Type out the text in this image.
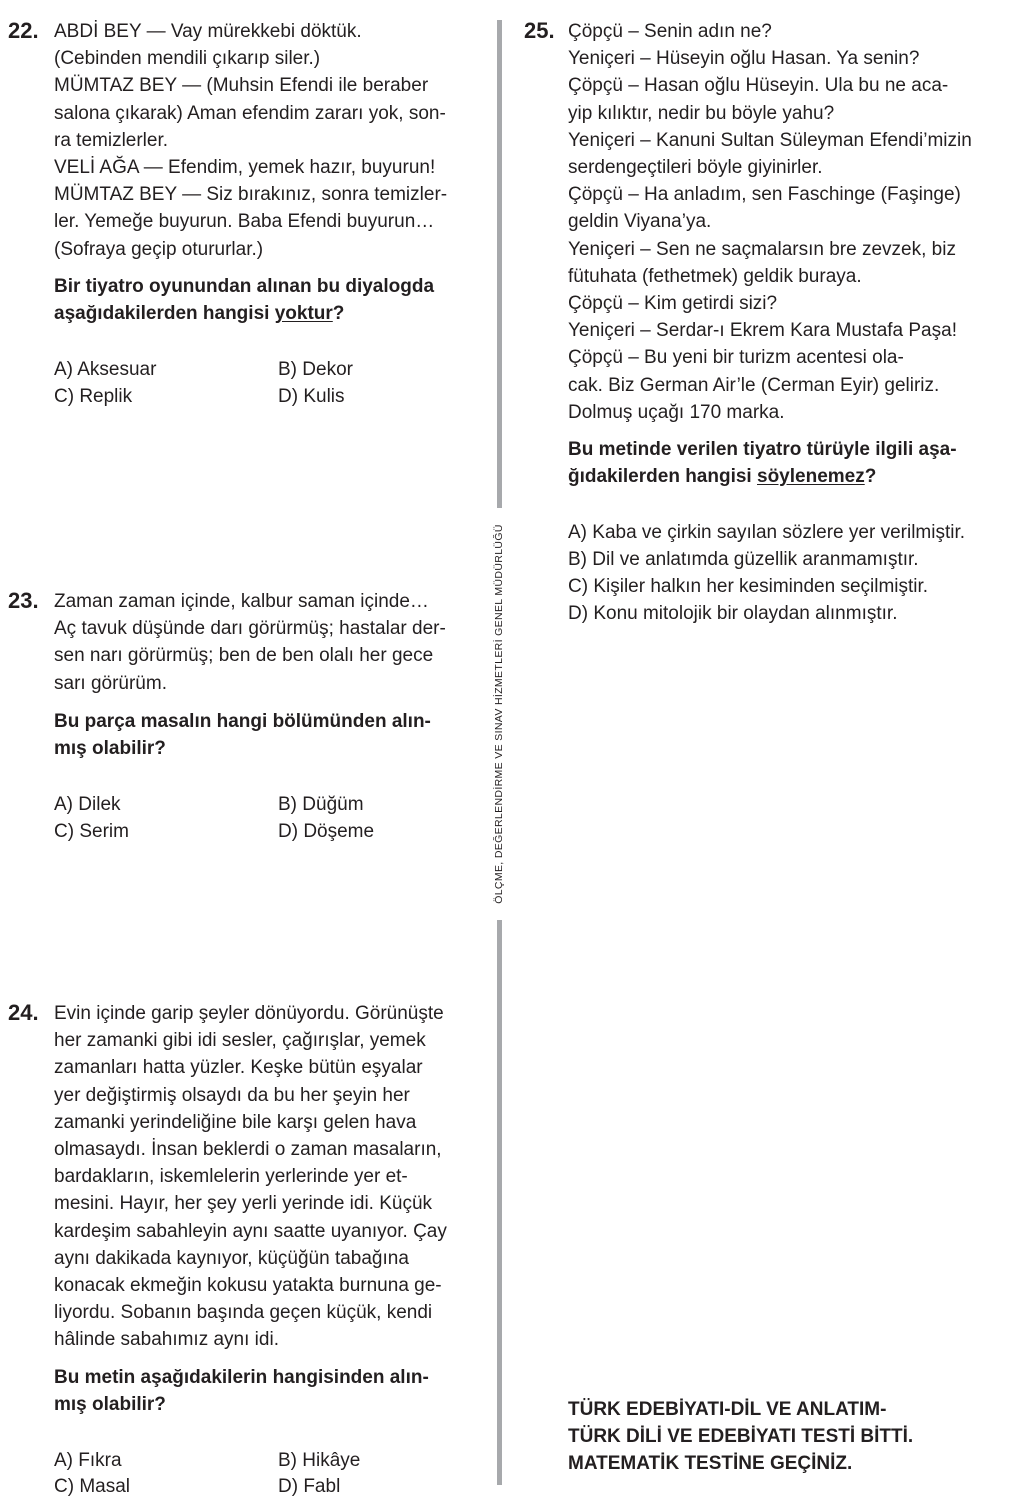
ÖLÇME, DEĞERLENDİRME VE SINAV HİZMETLERİ GENEL MÜDÜRLÜĞÜ
22. ABDİ BEY — Vay mürekkebi döktük.
(Cebinden mendili çıkarıp siler.)
MÜMTAZ BEY — (Muhsin Efendi ile beraber
salona çıkarak) Aman efendim zararı yok, son-
ra temizlerler.
VELİ AĞA — Efendim, yemek hazır, buyurun!
MÜMTAZ BEY — Siz bırakınız, sonra temizler-
ler. Yemeğe buyurun. Baba Efendi buyurun…
(Sofraya geçip otururlar.)
Bir tiyatro oyunundan alınan bu diyalogda
aşağıdakilerden hangisi yoktur?
A) Aksesuar	B) Dekor
C) Replik	D) Kulis
23. Zaman zaman içinde, kalbur saman içinde…
Aç tavuk düşünde darı görürmüş; hastalar der-
sen narı görürmüş; ben de ben olalı her gece
sarı görürüm.
Bu parça masalın hangi bölümünden alın-
mış olabilir?
A) Dilek	B) Düğüm
C) Serim	D) Döşeme
24. Evin içinde garip şeyler dönüyordu. Görünüşte
her zamanki gibi idi sesler, çağırışlar, yemek
zamanları hatta yüzler. Keşke bütün eşyalar
yer değiştirmiş olsaydı da bu her şeyin her
zamanki yerindeliğine bile karşı gelen hava
olmasaydı. İnsan beklerdi o zaman masaların,
bardakların, iskemlelerin yerlerinde yer et-
mesini. Hayır, her şey yerli yerinde idi. Küçük
kardeşim sabahleyin aynı saatte uyanıyor. Çay
aynı dakikada kaynıyor, küçüğün tabağına
konacak ekmeğin kokusu yatakta burnuna ge-
liyordu. Sobanın başında geçen küçük, kendi
hâlinde sabahımız aynı idi.
Bu metin aşağıdakilerin hangisinden alın-
mış olabilir?
A) Fıkra	B) Hikâye
C) Masal	D) Fabl
25. Çöpçü – Senin adın ne?
Yeniçeri – Hüseyin oğlu Hasan. Ya senin?
Çöpçü – Hasan oğlu Hüseyin. Ula bu ne aca-
yip kılıktır, nedir bu böyle yahu?
Yeniçeri – Kanuni Sultan Süleyman Efendi’mizin
serdengeçtileri böyle giyinirler.
Çöpçü – Ha anladım, sen Faschinge (Faşinge)
geldin Viyana’ya.
Yeniçeri – Sen ne saçmalarsın bre zevzek, biz
fütuhata (fethetmek) geldik buraya.
Çöpçü – Kim getirdi sizi?
Yeniçeri – Serdar-ı Ekrem Kara Mustafa Paşa!
Çöpçü – Bu yeni bir turizm acentesi ola-
cak. Biz German Air’le (Cerman Eyir) geliriz.
Dolmuş uçağı 170 marka.
Bu metinde verilen tiyatro türüyle ilgili aşa-
ğıdakilerden hangisi söylenemez?
A) Kaba ve çirkin sayılan sözlere yer verilmiştir.
B) Dil ve anlatımda güzellik aranmamıştır.
C) Kişiler halkın her kesiminden seçilmiştir.
D) Konu mitolojik bir olaydan alınmıştır.
TÜRK EDEBİYATI-DİL VE ANLATIM-
TÜRK DİLİ VE EDEBİYATI TESTİ BİTTİ.
MATEMATİK TESTİNE GEÇİNİZ.
